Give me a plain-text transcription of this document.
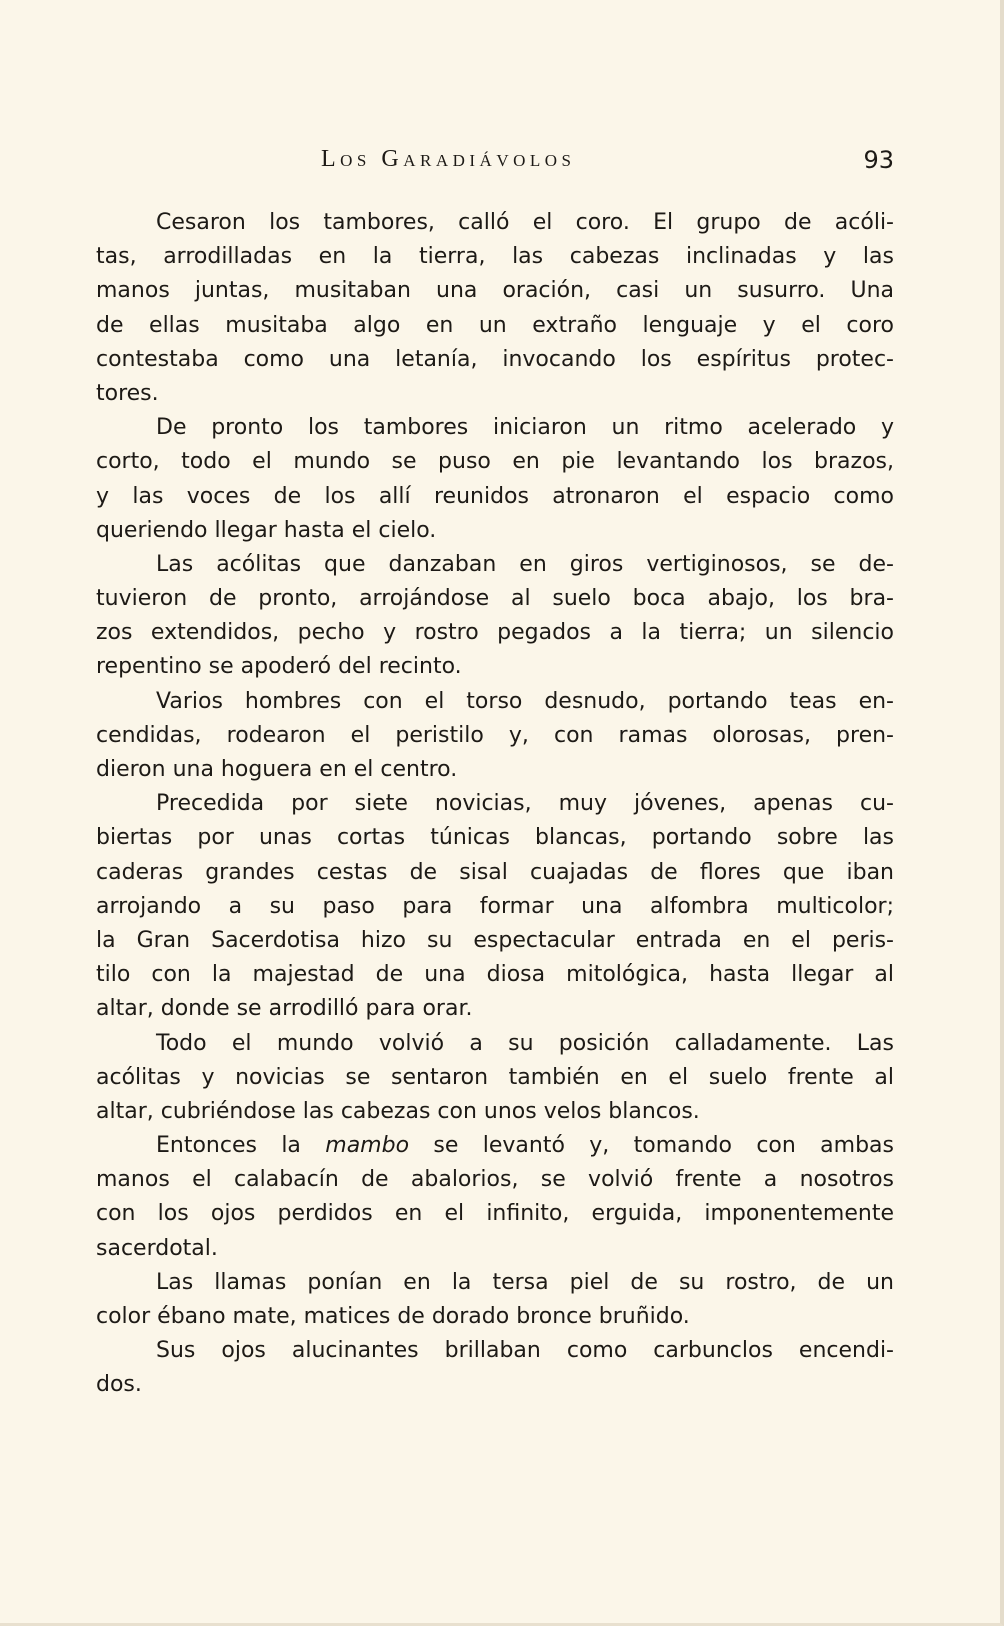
Los Garadiávolos	93
Cesaron los tambores, calló el coro. El grupo de acóli-
tas, arrodilladas en la tierra, las cabezas inclinadas y las
manos juntas, musitaban una oración, casi un susurro. Una
de ellas musitaba algo en un extraño lenguaje y el coro
contestaba como una letanía, invocando los espíritus protec-
tores.
De pronto los tambores iniciaron un ritmo acelerado y
corto, todo el mundo se puso en pie levantando los brazos,
y las voces de los allí reunidos atronaron el espacio como
queriendo llegar hasta el cielo.
Las acólitas que danzaban en giros vertiginosos, se de-
tuvieron de pronto, arrojándose al suelo boca abajo, los bra-
zos extendidos, pecho y rostro pegados a la tierra; un silencio
repentino se apoderó del recinto.
Varios hombres con el torso desnudo, portando teas en-
cendidas, rodearon el peristilo y, con ramas olorosas, pren-
dieron una hoguera en el centro.
Precedida por siete novicias, muy jóvenes, apenas cu-
biertas por unas cortas túnicas blancas, portando sobre las
caderas grandes cestas de sisal cuajadas de flores que iban
arrojando a su paso para formar una alfombra multicolor;
la Gran Sacerdotisa hizo su espectacular entrada en el peris-
tilo con la majestad de una diosa mitológica, hasta llegar al
altar, donde se arrodilló para orar.
Todo el mundo volvió a su posición calladamente. Las
acólitas y novicias se sentaron también en el suelo frente al
altar, cubriéndose las cabezas con unos velos blancos.
Entonces la mambo se levantó y, tomando con ambas
manos el calabacín de abalorios, se volvió frente a nosotros
con los ojos perdidos en el infinito, erguida, imponentemente
sacerdotal.
Las llamas ponían en la tersa piel de su rostro, de un
color ébano mate, matices de dorado bronce bruñido.
Sus ojos alucinantes brillaban como carbunclos encendi-
dos.
